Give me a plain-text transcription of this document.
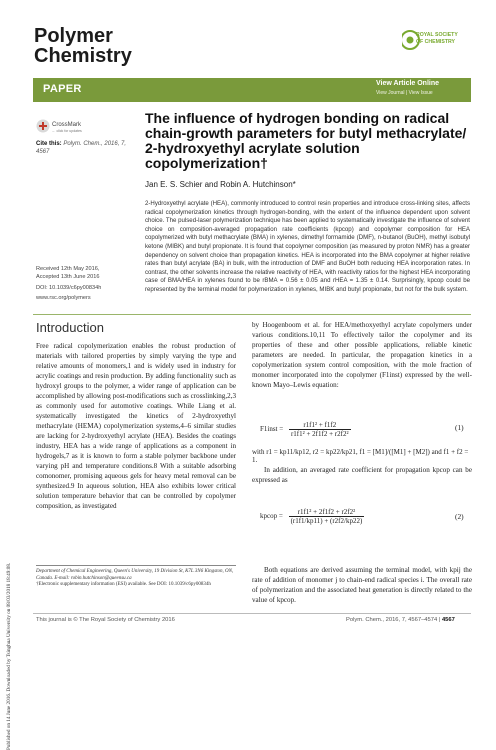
Published on 14 June 2016. Downloaded by Tsinghua University on 08/03/2018 18:49:08.
Polymer
Chemistry
ROYAL SOCIETY
OF CHEMISTRY
PAPER	View Article Online
View Journal | View Issue
CrossMark
← click for updates
Cite this: Polym. Chem., 2016, 7, 4567
The influence of hydrogen bonding on radical chain-growth parameters for butyl methacrylate/ 2-hydroxyethyl acrylate solution copolymerization†
Jan E. S. Schier and Robin A. Hutchinson*
2-Hydroxyethyl acrylate (HEA), commonly introduced to control resin properties and introduce cross-linking sites, affects radical copolymerization kinetics through hydrogen-bonding, with the extent of the influence dependent upon solvent choice. The pulsed-laser polymerization technique has been applied to systematically investigate the influence of solvent choice on composition-averaged propagation rate coefficients (kpcop) and copolymer composition for HEA copolymerized with butyl methacrylate (BMA) in xylenes, dimethyl formamide (DMF), n-butanol (BuOH), methyl isobutyl ketone (MIBK) and butyl propionate. It is found that copolymer composition (as measured by proton NMR) has a greater dependency on solvent choice than propagation kinetics. HEA is incorporated into the BMA copolymer at higher relative rates than butyl acrylate (BA) in bulk, with the introduction of DMF and BuOH both reducing HEA incorporation rates. In contrast, the other solvents increase the relative reactivity of HEA, with reactivity ratios for the highest HEA incorporating case of BMA/HEA in xylenes found to be rBMA = 0.56 ± 0.05 and rHEA = 1.35 ± 0.14. Surprisingly, kpcop could be represented by the terminal model for polymerization in xylenes, MIBK and butyl propionate, but not for the bulk system.
Received 12th May 2016,
Accepted 13th June 2016
DOI: 10.1039/c6py00834h
www.rsc.org/polymers
Introduction
Free radical copolymerization enables the robust production of materials with tailored properties by simply varying the type and relative amounts of monomers,1 and is widely used in industry for acrylic coatings and resin production. By adding functionality such as hydroxyl groups to the polymer, a wider range of application can be accomplished by allowing post-modifications such as crosslinking,2,3 as commonly used for automotive coatings. While Liang et al. systematically investigated the kinetics of 2-hydroxyethyl methacrylate (HEMA) copolymerization systems,4–6 similar studies are lacking for 2-hydroxyethyl acrylate (HEA). Besides the coatings industry, HEA has a wide range of applications as a component in hydrogels,7 as it is known to form a stable polymer backbone under varying pH and temperature conditions.8 With a suitable adsorbing comonomer, promising aqueous gels for heavy metal removal can be synthesized.9 In aqueous solution, HEA also exhibits lower critical solution temperature behavior that can be controlled by copolymer composition, as investigated
by Hoogenboom et al. for HEA/methoxyethyl acrylate copolymers under various conditions.10,11 To effectively tailor the copolymer and its properties of these and other possible applications, reliable kinetic parameters are needed. In particular, the propagation kinetics in a copolymerization system control composition, with the mole fraction of monomer incorporated into the copolymer (F1inst) expressed by the well-known Mayo–Lewis equation:
F1inst = $\frac{\text{r1f1² + f1f2}}{\text{r1f1² + 2f1f2 + r2f2²}}$	(1)
with r1 = kp11/kp12, r2 = kp22/kp21, f1 = [M1]/([M1] + [M2]) and f1 + f2 = 1.
In addition, an averaged rate coefficient for propagation kpcop can be expressed as
kpcop = $\frac{\text{r1f1² + 2f1f2 + r2f2²}}{(r1f1/kp11) + (r2f2/kp22)}$	(2)
Both equations are derived assuming the terminal model, with kpij the rate of addition of monomer j to chain-end radical species i. The overall rate of polymerization and the associated heat generation is directly related to the value of kpcop.
Department of Chemical Engineering, Queen's University, 19 Division St, K7L 3N6 Kingston, ON, Canada. E-mail: robin.hutchinson@queensu.ca
†Electronic supplementary information (ESI) available. See DOI: 10.1039/c6py00834h
This journal is © The Royal Society of Chemistry 2016	Polym. Chem., 2016, 7, 4567–4574 | 4567
